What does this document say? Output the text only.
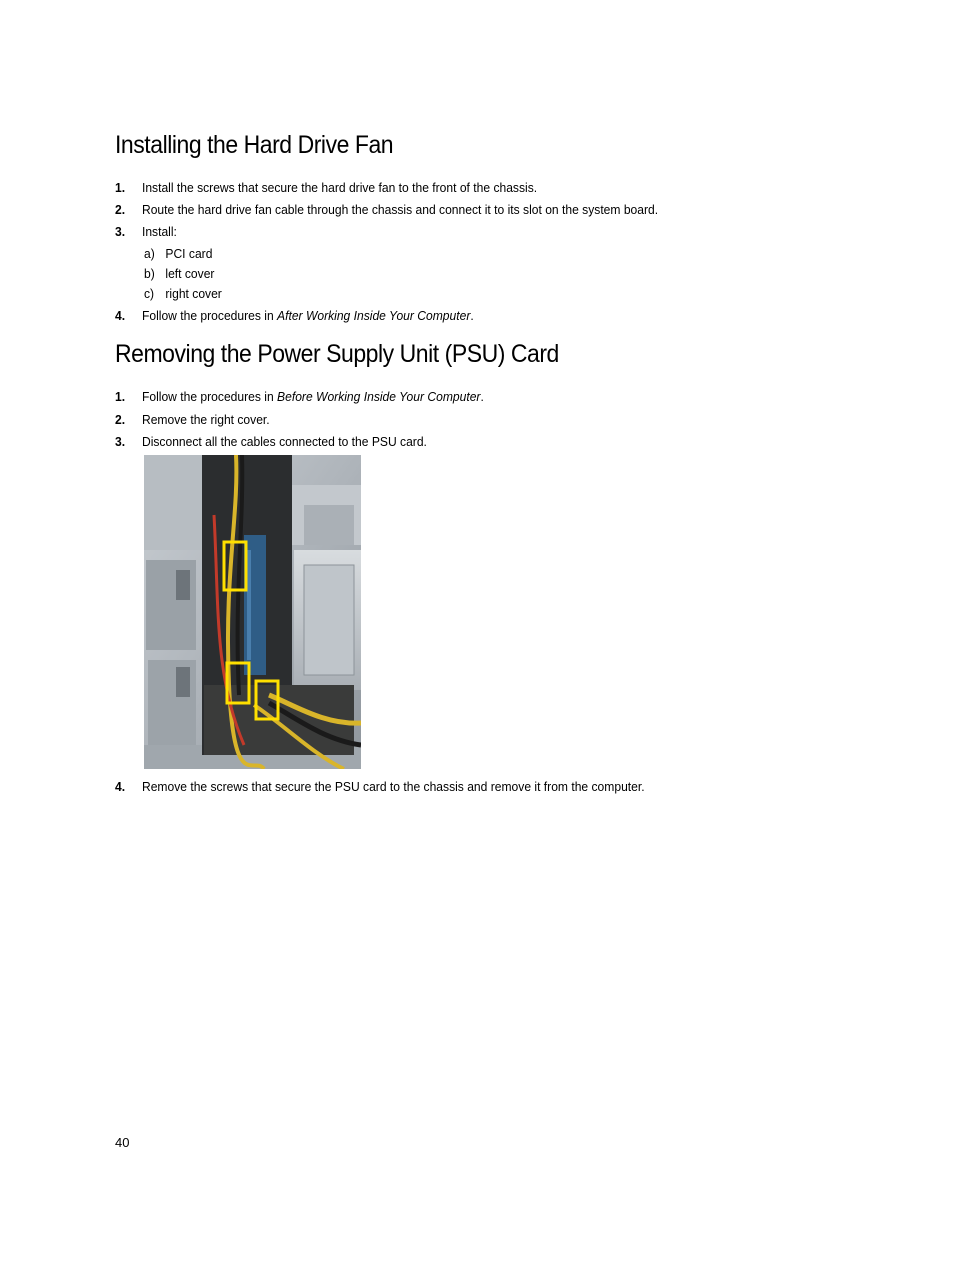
Installing the Hard Drive Fan
1. Install the screws that secure the hard drive fan to the front of the chassis.
2. Route the hard drive fan cable through the chassis and connect it to its slot on the system board.
3. Install:
a) PCI card
b) left cover
c) right cover
4. Follow the procedures in After Working Inside Your Computer.
Removing the Power Supply Unit (PSU) Card
1. Follow the procedures in Before Working Inside Your Computer.
2. Remove the right cover.
3. Disconnect all the cables connected to the PSU card.
4. Remove the screws that secure the PSU card to the chassis and remove it from the computer.
40
